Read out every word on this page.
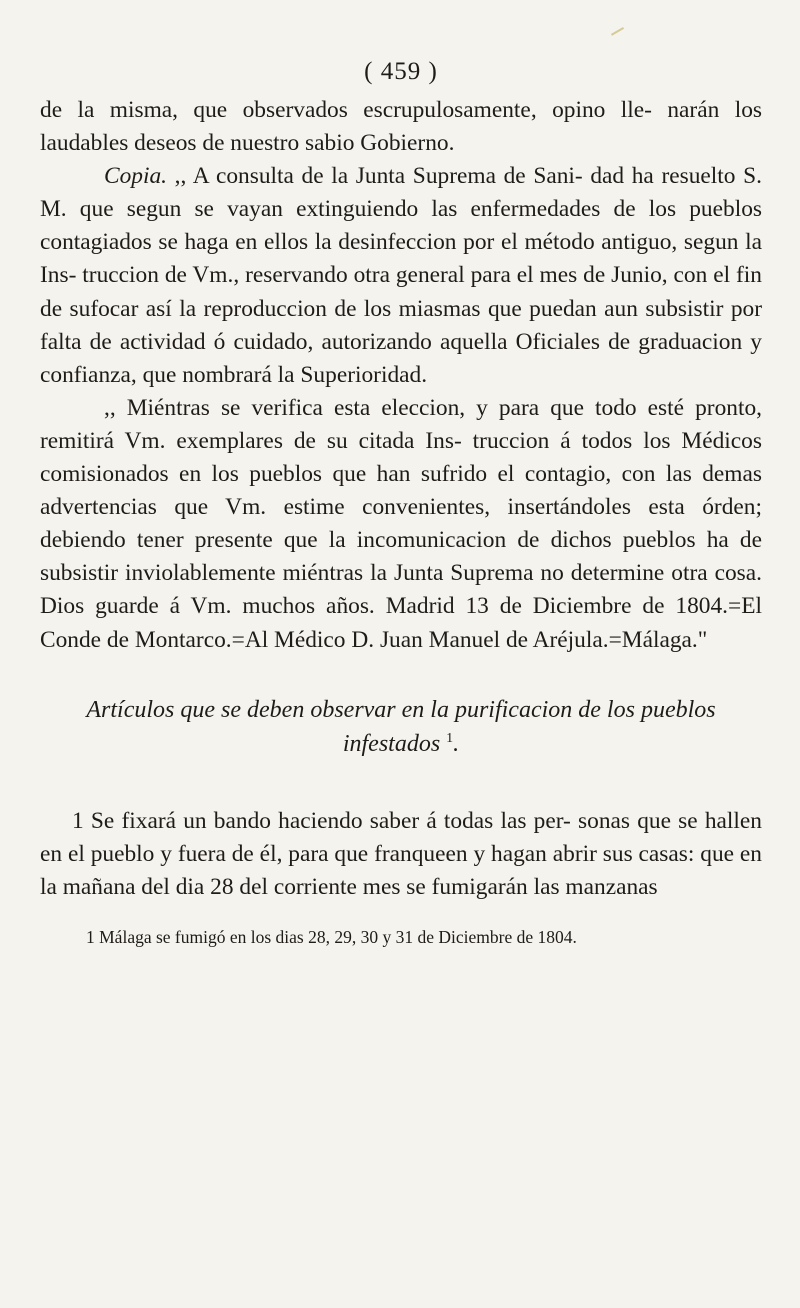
( 459 )

de la misma, que observados escrupulosamente, opino lle- narán los laudables deseos de nuestro sabio Gobierno.

Copia. ,, A consulta de la Junta Suprema de Sani- dad ha resuelto S. M. que segun se vayan extinguiendo las enfermedades de los pueblos contagiados se haga en ellos la desinfeccion por el método antiguo, segun la Ins- truccion de Vm., reservando otra general para el mes de Junio, con el fin de sufocar así la reproduccion de los miasmas que puedan aun subsistir por falta de actividad ó cuidado, autorizando aquella Oficiales de graduacion y confianza, que nombrará la Superioridad.

,, Miéntras se verifica esta eleccion, y para que todo esté pronto, remitirá Vm. exemplares de su citada Ins- truccion á todos los Médicos comisionados en los pueblos que han sufrido el contagio, con las demas advertencias que Vm. estime convenientes, insertándoles esta órden; debiendo tener presente que la incomunicacion de dichos pueblos ha de subsistir inviolablemente miéntras la Junta Suprema no determine otra cosa. Dios guarde á Vm. muchos años. Madrid 13 de Diciembre de 1804.=El Conde de Montarco.=Al Médico D. Juan Manuel de Aréjula.=Málaga."

Artículos que se deben observar en la purificacion de los pueblos infestados $^1$.

1 Se fixará un bando haciendo saber á todas las per- sonas que se hallen en el pueblo y fuera de él, para que franqueen y hagan abrir sus casas: que en la mañana del dia 28 del corriente mes se fumigarán las manzanas

1 Málaga se fumigó en los dias 28, 29, 30 y 31 de Diciembre de 1804.
